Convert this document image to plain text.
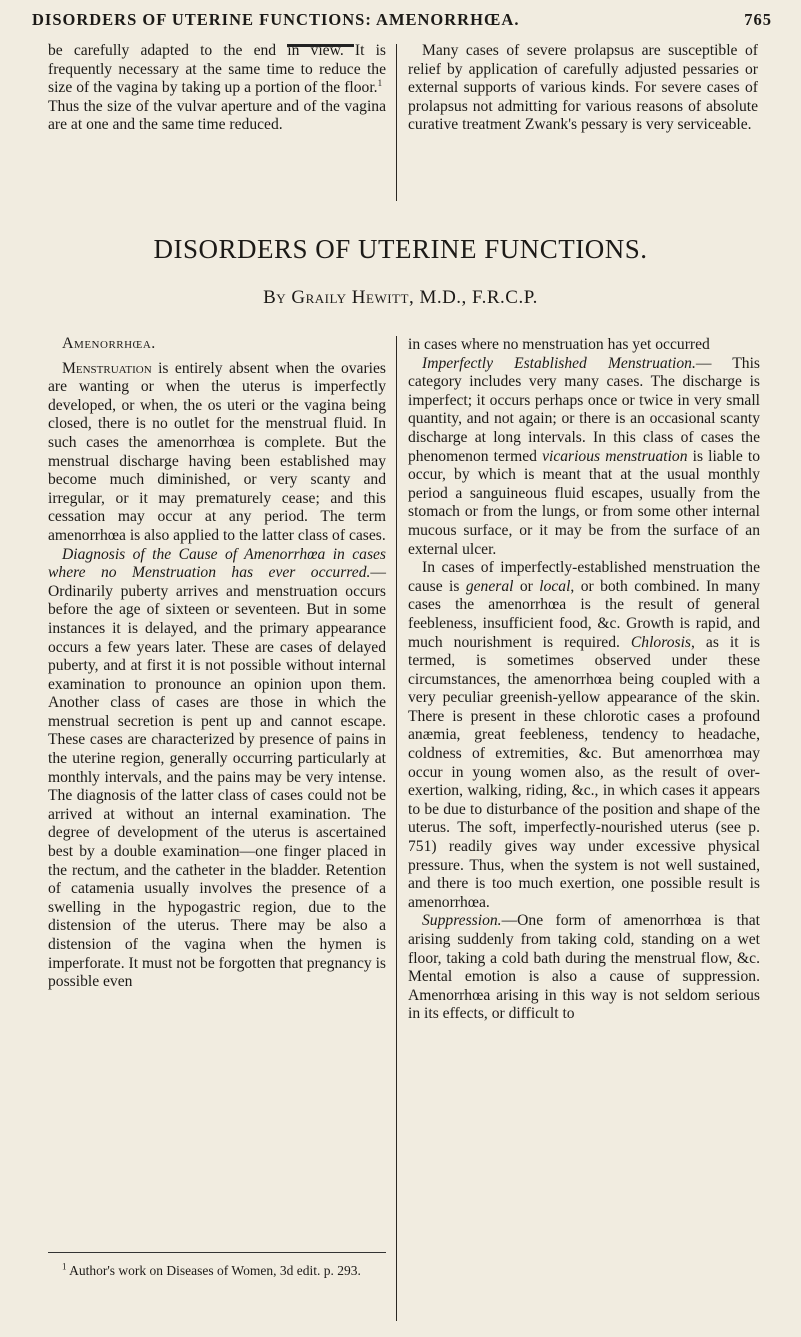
DISORDERS OF UTERINE FUNCTIONS: AMENORRHŒA.	765

be carefully adapted to the end in view. It is frequently necessary at the same time to reduce the size of the vagina by taking up a portion of the floor.$^1$  Thus the size of the vulvar aperture and of the vagina are at one and the same time reduced.

Many cases of severe prolapsus are susceptible of relief by application of carefully adjusted pessaries or external supports of various kinds. For severe cases of prolapsus not admitting for various reasons of absolute curative treatment Zwank's pessary is very serviceable.

DISORDERS OF UTERINE FUNCTIONS.
By Graily Hewitt, M.D., F.R.C.P.
Amenorrhœa.

Menstruation is entirely absent when the ovaries are wanting or when the uterus is imperfectly developed, or when, the os uteri or the vagina being closed, there is no outlet for the menstrual fluid. In such cases the amenorrhœa is complete. But the menstrual discharge having been established may become much diminished, or very scanty and irregular, or it may prematurely cease; and this cessation may occur at any period. The term amenorrhœa is also applied to the latter class of cases.

Diagnosis of the Cause of Amenorrhœa in cases where no Menstruation has ever occurred.—Ordinarily puberty arrives and menstruation occurs before the age of sixteen or seventeen. But in some instances it is delayed, and the primary appearance occurs a few years later. These are cases of delayed puberty, and at first it is not possible without internal examination to pronounce an opinion upon them. Another class of cases are those in which the menstrual secretion is pent up and cannot escape. These cases are characterized by presence of pains in the uterine region, generally occurring particularly at monthly intervals, and the pains may be very intense. The diagnosis of the latter class of cases could not be arrived at without an internal examination. The degree of development of the uterus is ascertained best by a double examination—one finger placed in the rectum, and the catheter in the bladder. Retention of catamenia usually involves the presence of a swelling in the hypogastric region, due to the distension of the uterus. There may be also a distension of the vagina when the hymen is imperforate. It must not be forgotten that pregnancy is possible even

in cases where no menstruation has yet occurred

Imperfectly Established Menstruation.— This category includes very many cases. The discharge is imperfect; it occurs perhaps once or twice in very small quantity, and not again; or there is an occasional scanty discharge at long intervals. In this class of cases the phenomenon termed vicarious menstruation is liable to occur, by which is meant that at the usual monthly period a sanguineous fluid escapes, usually from the stomach or from the lungs, or from some other internal mucous surface, or it may be from the surface of an external ulcer.

In cases of imperfectly-established menstruation the cause is general or local, or both combined. In many cases the amenorrhœa is the result of general feebleness, insufficient food, &c. Growth is rapid, and much nourishment is required. Chlorosis, as it is termed, is sometimes observed under these circumstances, the amenorrhœa being coupled with a very peculiar greenish-yellow appearance of the skin. There is present in these chlorotic cases a profound anæmia, great feebleness, tendency to headache, coldness of extremities, &c. But amenorrhœa may occur in young women also, as the result of over-exertion, walking, riding, &c., in which cases it appears to be due to disturbance of the position and shape of the uterus. The soft, imperfectly-nourished uterus (see p. 751) readily gives way under excessive physical pressure. Thus, when the system is not well sustained, and there is too much exertion, one possible result is amenorrhœa.

Suppression.—One form of amenorrhœa is that arising suddenly from taking cold, standing on a wet floor, taking a cold bath during the menstrual flow, &c. Mental emotion is also a cause of suppression. Amenorrhœa arising in this way is not seldom serious in its effects, or difficult to

$^1$ Author's work on Diseases of Women, 3d edit. p. 293.
